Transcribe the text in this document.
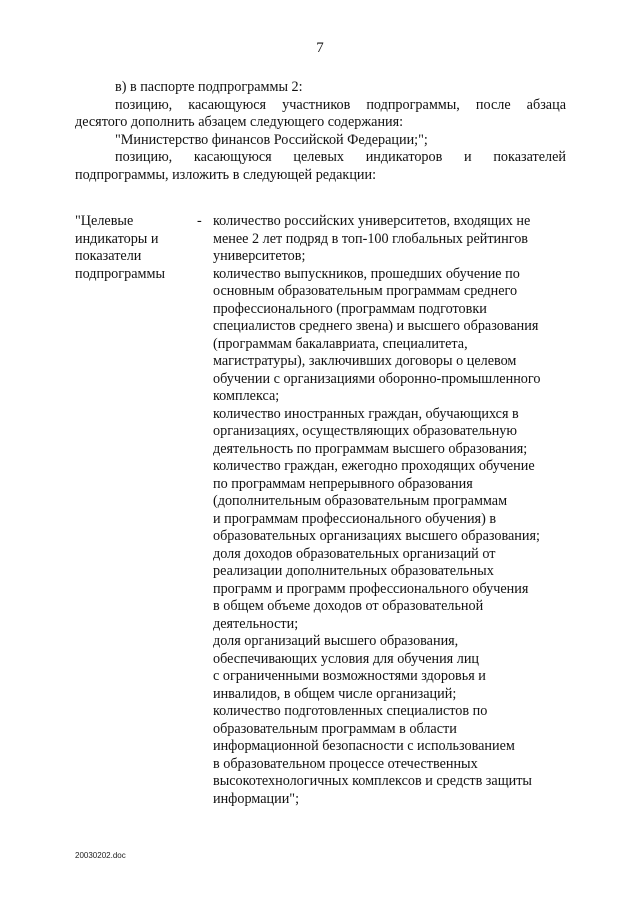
7

в) в паспорте подпрограммы 2:

позицию, касающуюся участников подпрограммы, после абзаца

десятого дополнить абзацем следующего содержания:

"Министерство финансов Российской Федерации;";

позицию, касающуюся целевых индикаторов и показателей

подпрограммы, изложить в следующей редакции:

"Целевые
индикаторы и
показатели
подпрограммы
- количество российских университетов, входящих не
менее 2 лет подряд в топ-100 глобальных рейтингов
университетов;
количество выпускников, прошедших обучение по
основным образовательным программам среднего
профессионального (программам подготовки
специалистов среднего звена) и высшего образования
(программам бакалавриата, специалитета,
магистратуры), заключивших договоры о целевом
обучении с организациями оборонно-промышленного
комплекса;
количество иностранных граждан, обучающихся в
организациях, осуществляющих образовательную
деятельность по программам высшего образования;
количество граждан, ежегодно проходящих обучение
по программам непрерывного образования
(дополнительным образовательным программам
и программам профессионального обучения) в
образовательных организациях высшего образования;
доля доходов образовательных организаций от
реализации дополнительных образовательных
программ и программ профессионального обучения
в общем объеме доходов от образовательной
деятельности;
доля организаций высшего образования,
обеспечивающих условия для обучения лиц
с ограниченными возможностями здоровья и
инвалидов, в общем числе организаций;
количество подготовленных специалистов по
образовательным программам в области
информационной безопасности с использованием
в образовательном процессе отечественных
высокотехнологичных комплексов и средств защиты
информации";
20030202.doc
